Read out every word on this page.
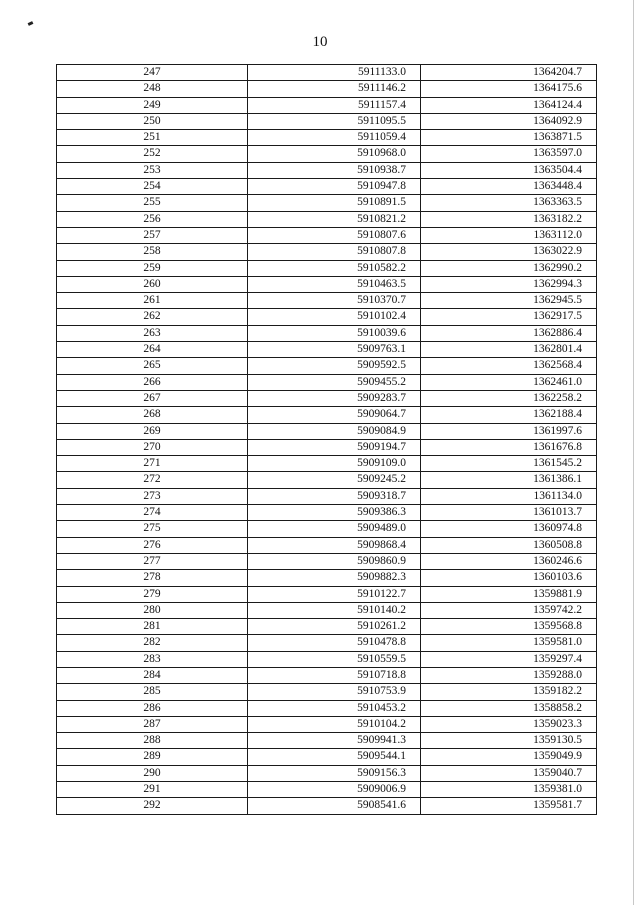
10
247	5911133.0	1364204.7
248	5911146.2	1364175.6
249	5911157.4	1364124.4
250	5911095.5	1364092.9
251	5911059.4	1363871.5
252	5910968.0	1363597.0
253	5910938.7	1363504.4
254	5910947.8	1363448.4
255	5910891.5	1363363.5
256	5910821.2	1363182.2
257	5910807.6	1363112.0
258	5910807.8	1363022.9
259	5910582.2	1362990.2
260	5910463.5	1362994.3
261	5910370.7	1362945.5
262	5910102.4	1362917.5
263	5910039.6	1362886.4
264	5909763.1	1362801.4
265	5909592.5	1362568.4
266	5909455.2	1362461.0
267	5909283.7	1362258.2
268	5909064.7	1362188.4
269	5909084.9	1361997.6
270	5909194.7	1361676.8
271	5909109.0	1361545.2
272	5909245.2	1361386.1
273	5909318.7	1361134.0
274	5909386.3	1361013.7
275	5909489.0	1360974.8
276	5909868.4	1360508.8
277	5909860.9	1360246.6
278	5909882.3	1360103.6
279	5910122.7	1359881.9
280	5910140.2	1359742.2
281	5910261.2	1359568.8
282	5910478.8	1359581.0
283	5910559.5	1359297.4
284	5910718.8	1359288.0
285	5910753.9	1359182.2
286	5910453.2	1358858.2
287	5910104.2	1359023.3
288	5909941.3	1359130.5
289	5909544.1	1359049.9
290	5909156.3	1359040.7
291	5909006.9	1359381.0
292	5908541.6	1359581.7
